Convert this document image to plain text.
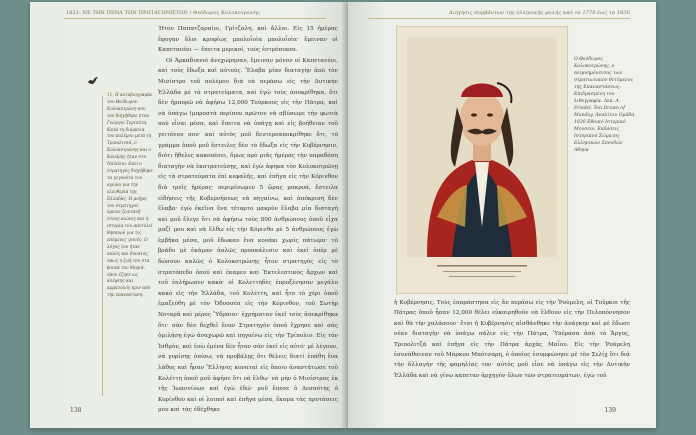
1821: ΝΕ ΤΗΝ ΠΕΝΑ ΤΩΝ ΠΡΩΤΑΓΩΝΙΣΤΩΝ / Θεόδωρος Κολοκοτρώνης
11. Η αυτοβιογραφία του Θεόδωρου Κολοκοτρώνη που τον διηγήθηκε στον Γεώργιο Τερτσέτη. Κατά τη διάρκεια του πολέμου μετά τη Τριπολιτσά, ο Κολοκοτρώνης και ο Κανάρης ήταν στο Ναύπλιο. Εκεί ο στρατηγός διηγήθηκε τα γεγονότα του αγώνα για την ελευθερία της Ελλάδας. Η μνήμη του στρατηγού έμεινε ζωντανή στους αιώνες και η ιστορία του αποτελεί θησαυρό για τις επόμενες γενιές. Ο λόγος του ήταν απλός και δυνατός, όπως η ζωή του στα βουνά του Μοριά, όπου έζησε ως κλέφτης και αρματολός πριν από την επανάσταση.

Ήτον Παπατζαραίοι, Γρίτζαλη, καὶ ἄλλοι. Εἰς 15 ἡμέρας ἔφυγαν ὅλοι κρυφίως μπολοΐοὶα μπολοΐοὶα· ἔμειναν οἱ Καπετανέοι — ἔπειτα μερικοί, τοὺς ἐντρόπιασα.

Οἱ Ἀρκαδιανοὶ ἀνεχώρησαν, ἔμειναν μόνον οἱ Καπετανέοι, καὶ τοὺς ἔδωξα καὶ αὐτούς. Ἔλαβα μίαν διαταγὴν ἀπὸ τὸν Μινίστρο τοῦ πολέμου διὰ νὰ περάσω εἰς τὴν Δυτικὴν Ἑλλάδα μὲ τὰ στρατεύματα, καὶ ἐγὼ τοὺς ἀποκρίθηκα, ὅτι δὲν ἠμπορῶ νὰ ἀφήσω 12,000 Τούρκους εἰς τὴν Πάτρα, καὶ νὰ ὑπάγω (μπροστὰ περίπου πρῶτον νὰ σβύσωμε τὴν φωτιὰ ποὺ εἶναι μέσα, καὶ ἔπειτα νὰ ὑπάγῃ καὶ εἰς βοήθειαν τοῦ γειτόνου σου· καὶ αὐτὸς μοῦ δευτεροαποκρίθηκε ὅτι, τὸ γράμμα ὁποῦ μοῦ ἔστειλες δὲν τὸ ἔδωξα εἰς τὴν Κυβέρνησιν, διότι ἤθελες κακοπέσει, ὅμως πρὸ μιᾶς ἡμέρας τὴν παραδόση διαταγὴν νὰ ἐκστρατεύσῃς, καὶ ἐγὼ ἀφηκα τὸν Κολοκοτρῶνῃ εἰς τὰ στρατεύματα ἐπὶ κεφαλῆς, καὶ ἐπῆγα εἰς τὴν Κόρινθον διὰ τρεῖς ἡμέρας· περιμένωμεν 5 ὥρας μακρυά, ἔστειλα εἰδήσεις τῆς Κυβερνήσεως νὰ πηγαίνω, καὶ ἀπόκριση δὲν ἔλαβα· ἐγὼ ἐκεῖνα ἔνα τέταρτο μακρὺν ἔλαβα μία διαταγὴ καὶ μοῦ ἔλεγε ὅτι νὰ ἀφήσω τοὺς 800 ἀνθρώπους ὁποῦ εἶχα μαζί μου καὶ νὰ ἔλθω εἰς τὴν Κόρινθο μὲ 5 ἀνθρώπους ἐγὼ ἐμβῆκα μέσα, μοῦ ἔδωκαν ἕνα κονάκι χωρὶς πάτωμα· τὸ βράδυ μὲ ἐκάμαν ἀπλῶς προσκάλεσιν καὶ ἐκεῖ ὁπὲρ μὲ δώσουν καλῶς ὁ Κολοκοτρώνης ἦτον στρατηγὸς εἰς τὸ στρατόπεδο ὁπού καὶ ἐκαμεν καὶ Ἐκτελεστικὸς ἄρχων καὶ τοῦ ἐπλήρωσεν κακὰ· οἱ Κολεττηδὲς ἐπροξένησαν μεγάλο κακὸ εἰς τὴν Ἑλλάδα, τοῦ Κολέττη, καὶ ἦτο τὸ χέρι ὁποῦ ἐμαζεύθη μὲ τὸν Ὀδυσσέα εἰς τὴν Κόρινθον, τοῦ Σωτὴρ Νοταρᾶ καὶ μέρος Ὕδραιοι· ἐχρήματαν ἐκεῖ τοὺς ἀπεκρίθηκα ὅτι· σὰν δὲν δεχθεῖ ἕναν Στρατηγὸν ὁποῦ ἔχρησε καὶ σὰς ὁμιλήσῃ ἐγὼ ἀναχωρῶ καὶ πηγαίνω εἰς τὴν Τρίπολιν. Εἰς τὸν Ἰσθμὸν, καὶ ἐνὼ ἐμένα δὲν ἦταν σὰν ἐκεῖ εἰς αὐτό· μὲ λέγουν, νὰ γυρίσης ὀπίσω, νὰ προβάλῃς ὅτι θέλεις διατὶ ἐπάθη ἕνα λάθος καὶ ἦσαν Ἕλληνες κοναταὶ εἰς ὅποιο ἀναστάτωσε τοῦ Κολέττη ὁποῦ μοῦ ἀφήσε ὅτι νὰ ἔλθω· νὰ μὴν ὁ Μινίστρος ἐκ τῆς Ἰωαννίνων καὶ ἐγὼ ἐδῶ· μοῦ ἔπεσε ὁ Δεσπότης ὁ Κορίνθου καὶ οἱ λοιποὶ καὶ ἐπῆγα μέσα, ἔκαμα τὰς προτάσεις μου καὶ τὰς ἐδέχθηκε

138
Διηγησις συμβάντων της ελληνικής φυλής από τα 1770 έως τα 1836
Ο Θεόδωρος Κολοκοτρώνης, ο αειμνημόνευτος των στρατιωτικών θετύμενος της Επαναστάσεως. Επιδρασμένη του λιθογραφία. Λεκ. Α. Friedel, Ten Drawn of Munday, Αναλίτου Ομάδα 1830 Εθνικό Ιστορικό Μουσείο. Εκδόσεις Ιστορικού Σώματος Ελληνικών Σπουδών Αθηνα

ἡ Κυβέρνησις. Τοὺς ἐπαράστησα εἰς ἄν περάσω εἰς τὴν Ῥούμελη, οἱ Τοῦρκοι τῆς Πάτρας ὁποῦ ἦσαν 12,000 θέλει εὐκαιρηθοῦν νὰ ἔλθουν εἰς τὴν Πελοπόννησον καὶ θὰ τὴν χαλάσουν· ἔτσι ἡ Κυβέρνησις αἰσθάνθηκε τὴν ἀνάγκην καὶ μὲ ἔδωσε νέαν διαταγὴν νὰ ὑπάγω πάλιν εἰς τὴν Πάτρα, Ὑπέρασα ἀπὸ τὸ Ἄργος, Τριπολιτζά καὶ ἐπῆγα εἰς τὴν Πάτρα ἀρχὰς Μαΐου. Εἰς τὴν Ῥούμελη ἐσυνάθαιναν τοῦ Μάρκου Μπότσαρη, ὁ ὁποῖος ἐσυμφώνησε μὲ τὸν Σελίχ ὅτι διὰ τὴν ἄλλαγὴν τῆς φαμηλίας τον· αὐτὸς μοῦ εἶπε νὰ ὑπάγω εἰς τὴν Δυτικὴν Ἑλλάδα καὶ νὰ γίνω καπεταν ἀρχηγὸν ὅλων τῶν στρατευμάτων, ἐγὼ τοῦ

139
